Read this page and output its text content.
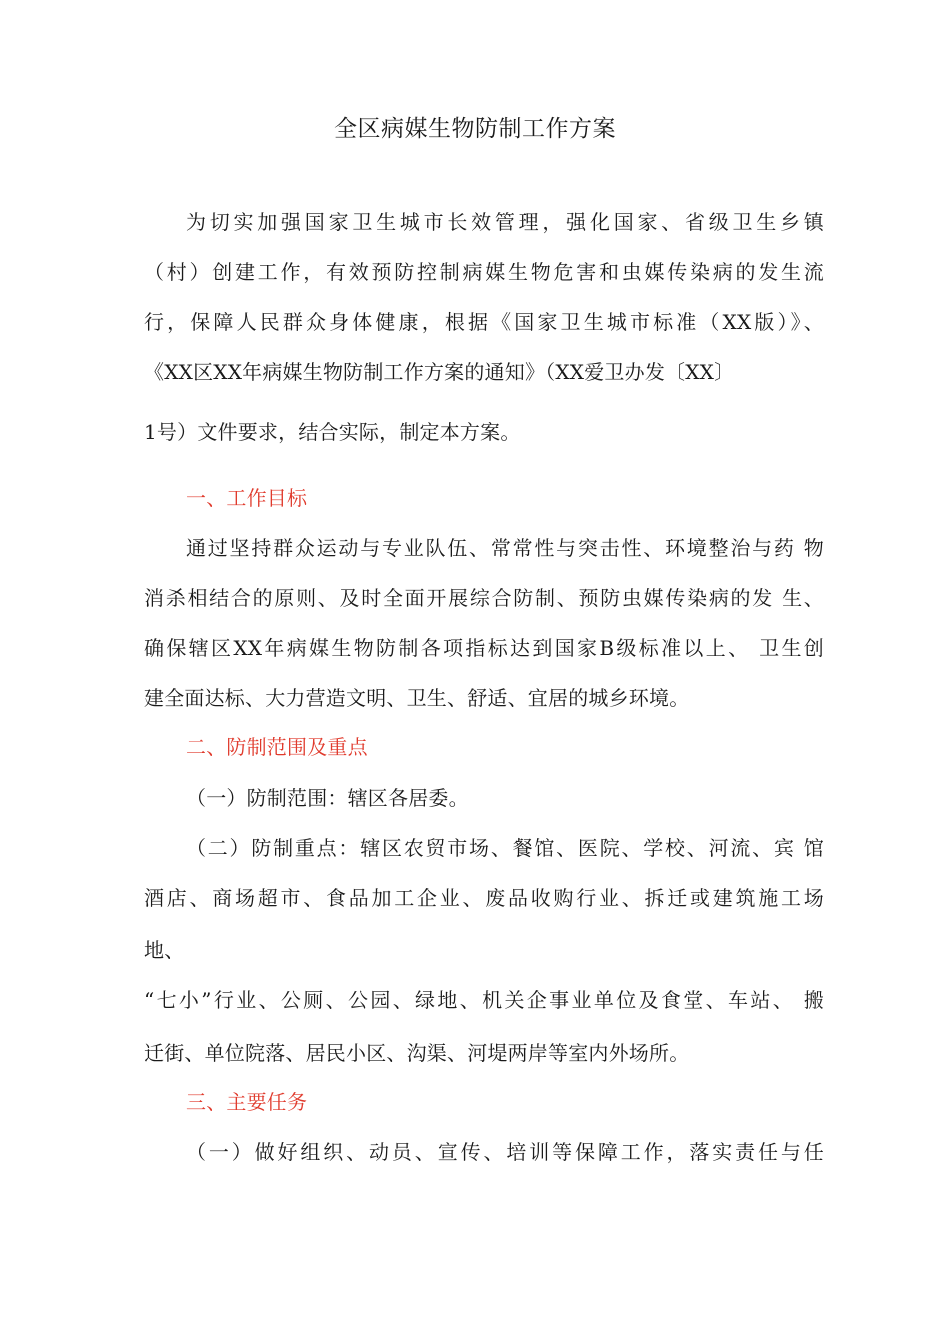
全区病媒生物防制工作方案
为切实加强国家卫生城市长效管理，强化国家、省级卫生乡镇
（村）创建工作，有效预防控制病媒生物危害和虫媒传染病的发生流
行，保障人民群众身体健康，根据《国家卫生城市标准（XX版）》、
《XX区XX年病媒生物防制工作方案的通知》（XX爱卫办发〔XX〕
1号）文件要求，结合实际，制定本方案。
一、工作目标
通过坚持群众运动与专业队伍、常常性与突击性、环境整治与药 物
消杀相结合的原则、及时全面开展综合防制、预防虫媒传染病的发 生、
确保辖区XX年病媒生物防制各项指标达到国家B级标准以上、 卫生创
建全面达标、大力营造文明、卫生、舒适、宜居的城乡环境。
二、防制范围及重点
（一）防制范围：辖区各居委。
（二）防制重点：辖区农贸市场、餐馆、医院、学校、河流、宾 馆
酒店、商场超市、食品加工企业、废品收购行业、拆迁或建筑施工场
地、
“七小”行业、公厕、公园、绿地、机关企事业单位及食堂、车站、 搬
迁街、单位院落、居民小区、沟渠、河堤两岸等室内外场所。
三、主要任务
（一）做好组织、动员、宣传、培训等保障工作，落实责任与任
